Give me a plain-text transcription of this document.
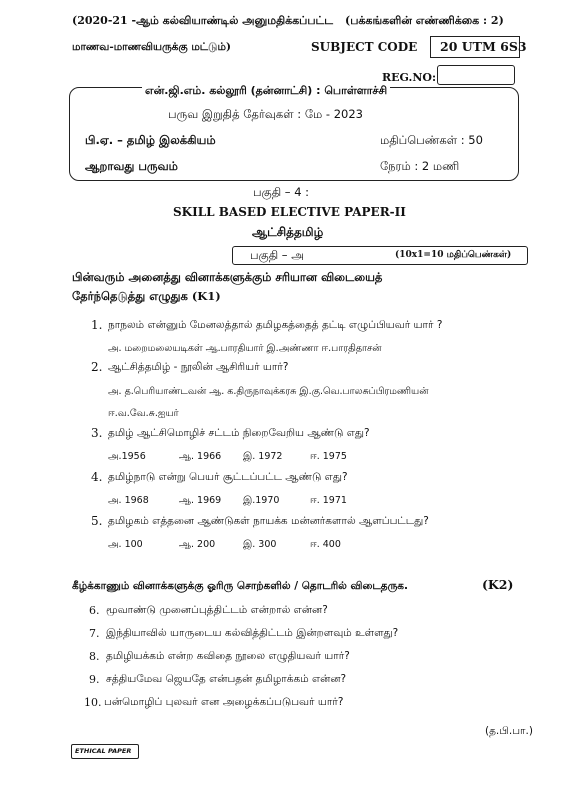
(2020-21 -ஆம் கல்வியாண்டில் அனுமதிக்கப்பட்ட (பக்கங்களின் எண்ணிக்கை : 2)
மாணவ-மாணவியருக்கு மட்டும்)	SUBJECT CODE 20 UTM 6S3
REG.NO:
என்.ஜி.எம். கல்லூரி (தன்னாட்சி) : பொள்ளாச்சி
பருவ இறுதித் தேர்வுகள் : மே - 2023
பி.ஏ. – தமிழ் இலக்கியம்	மதிப்பெண்கள் : 50
ஆறாவது பருவம்	நேரம் : 2 மணி
பகுதி – 4 :
SKILL BASED ELECTIVE PAPER-II
ஆட்சித்தமிழ்
பகுதி – அ	(10x1=10 மதிப்பெண்கள்)
பின்வரும் அனைத்து வினாக்களுக்கும் சரியான விடையைத்
தேர்ந்தெடுத்து எழுதுக (K1)
1. நாநலம் என்னும் மேனலத்தால் தமிழகத்தைத் தட்டி எழுப்பியவர் யார் ?
அ. மறைமலையடிகள் ஆ.பாரதியார் இ.அண்ணா ஈ.பாரதிதாசன்
2. ஆட்சித்தமிழ் - நூலின் ஆசிரியர் யார்?
அ. த.பெரியாண்டவன் ஆ. க.திருநாவுக்கரசு இ.கு.வெ.பாலசுப்பிரமணியன்
ஈ.வ.வே.சு.ஐயர்
3. தமிழ் ஆட்சிமொழிச் சட்டம் நிறைவேறிய ஆண்டு எது?
அ.1956	ஆ. 1966 இ. 1972	ஈ. 1975
4. தமிழ்நாடு என்று பெயர் சூட்டப்பட்ட ஆண்டு எது?
அ. 1968	ஆ. 1969 இ.1970	ஈ. 1971
5. தமிழகம் எத்தனை ஆண்டுகள் நாயக்க மன்னர்களால் ஆளப்பட்டது?
அ. 100	ஆ. 200	இ. 300	ஈ. 400
கீழ்க்காணும் வினாக்களுக்கு ஓரிரு சொற்களில் / தொடரில் விடைதருக.	(K2)
6. மூவாண்டு முனைப்புத்திட்டம் என்றால் என்ன?
7. இந்தியாவில் யாருடைய கல்வித்திட்டம் இன்றளவும் உள்ளது?
8. தமிழியக்கம் என்ற கவிதை நூலை எழுதியவர் யார்?
9. சத்தியமேவ ஜெயதே என்பதன் தமிழாக்கம் என்ன?
10. பன்மொழிப் புலவர் என அழைக்கப்படுபவர் யார்?
(த.பி.பா.)
ETHICAL PAPER
